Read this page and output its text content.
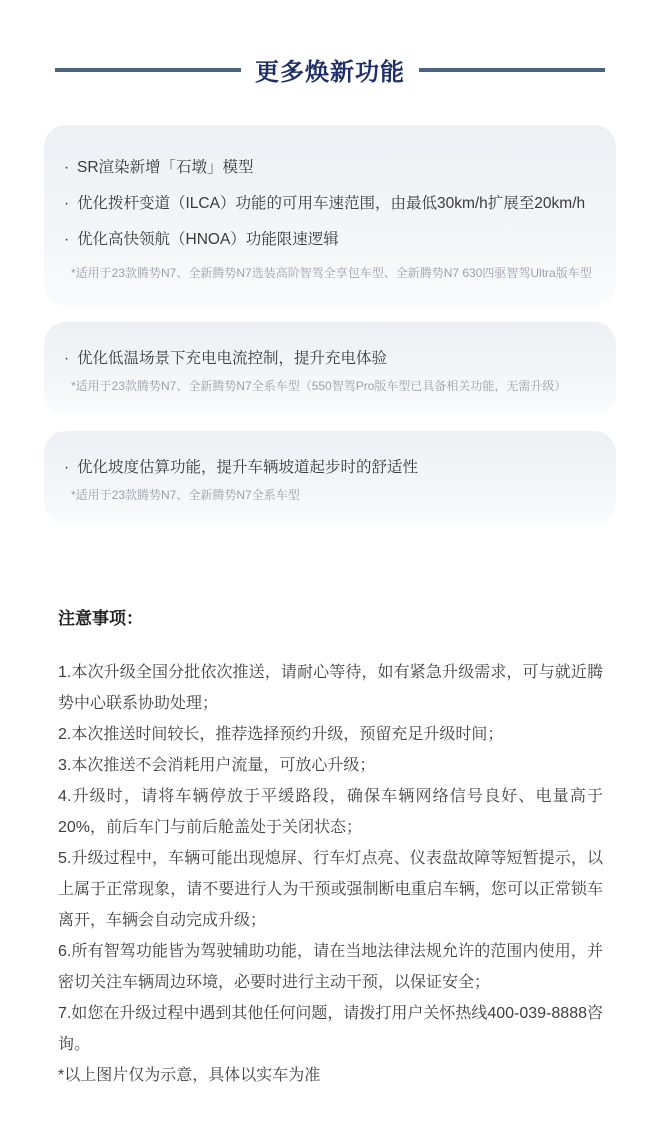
更多焕新功能
· SR渲染新增「石墩」模型
· 优化拨杆变道（ILCA）功能的可用车速范围，由最低30km/h扩展至20km/h
· 优化高快领航（HNOA）功能限速逻辑
*适用于23款腾势N7、全新腾势N7选装高阶智驾全享包车型、全新腾势N7 630四驱智驾Ultra版车型
· 优化低温场景下充电电流控制，提升充电体验
*适用于23款腾势N7、全新腾势N7全系车型（550智驾Pro版车型已具备相关功能，无需升级）
· 优化坡度估算功能，提升车辆坡道起步时的舒适性
*适用于23款腾势N7、全新腾势N7全系车型
注意事项：

1.本次升级全国分批依次推送，请耐心等待，如有紧急升级需求，可与就近腾势中心联系协助处理；

2.本次推送时间较长，推荐选择预约升级，预留充足升级时间；

3.本次推送不会消耗用户流量，可放心升级；

4.升级时，请将车辆停放于平缓路段，确保车辆网络信号良好、电量高于20%，前后车门与前后舱盖处于关闭状态；

5.升级过程中，车辆可能出现熄屏、行车灯点亮、仪表盘故障等短暂提示，以上属于正常现象，请不要进行人为干预或强制断电重启车辆，您可以正常锁车离开，车辆会自动完成升级；

6.所有智驾功能皆为驾驶辅助功能，请在当地法律法规允许的范围内使用，并密切关注车辆周边环境，必要时进行主动干预，以保证安全；

7.如您在升级过程中遇到其他任何问题，请拨打用户关怀热线400-039-8888咨询。

*以上图片仅为示意，具体以实车为准
